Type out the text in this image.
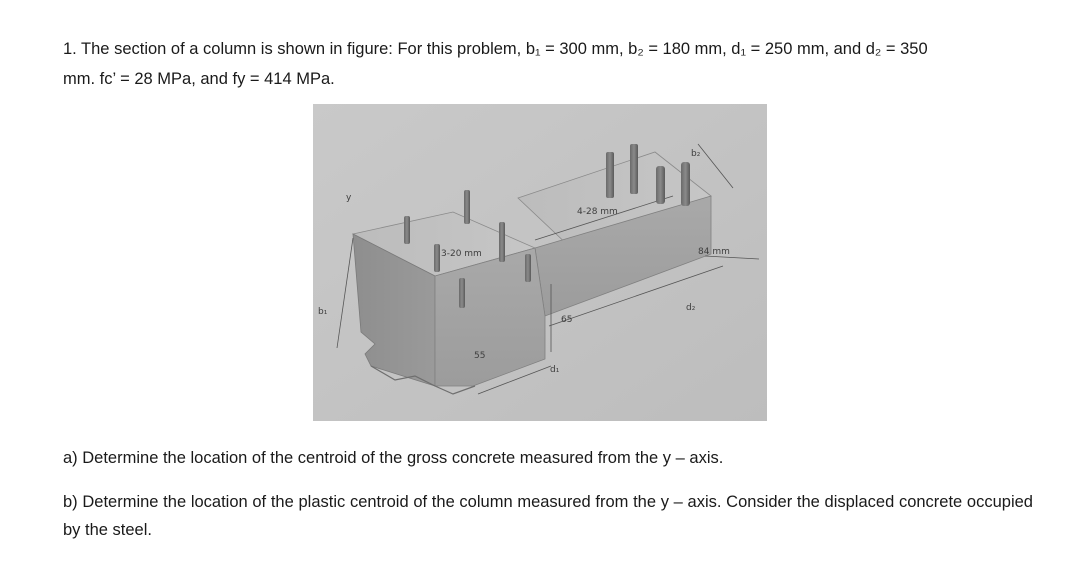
1. The section of a column is shown in figure: For this problem, b₁ = 300 mm, b₂ = 180 mm, d₁ = 250 mm, and d₂ = 350
mm. fc’ = 28 MPa, and fy = 414 MPa.
b₂
4-28 mm
3-20 mm	84 mm
d₂
b₁
y
d₁
65
55
a) Determine the location of the centroid of the gross concrete measured from the y – axis.
b) Determine the location of the plastic centroid of the column measured from the y – axis. Consider the displaced concrete occupied by the steel.
